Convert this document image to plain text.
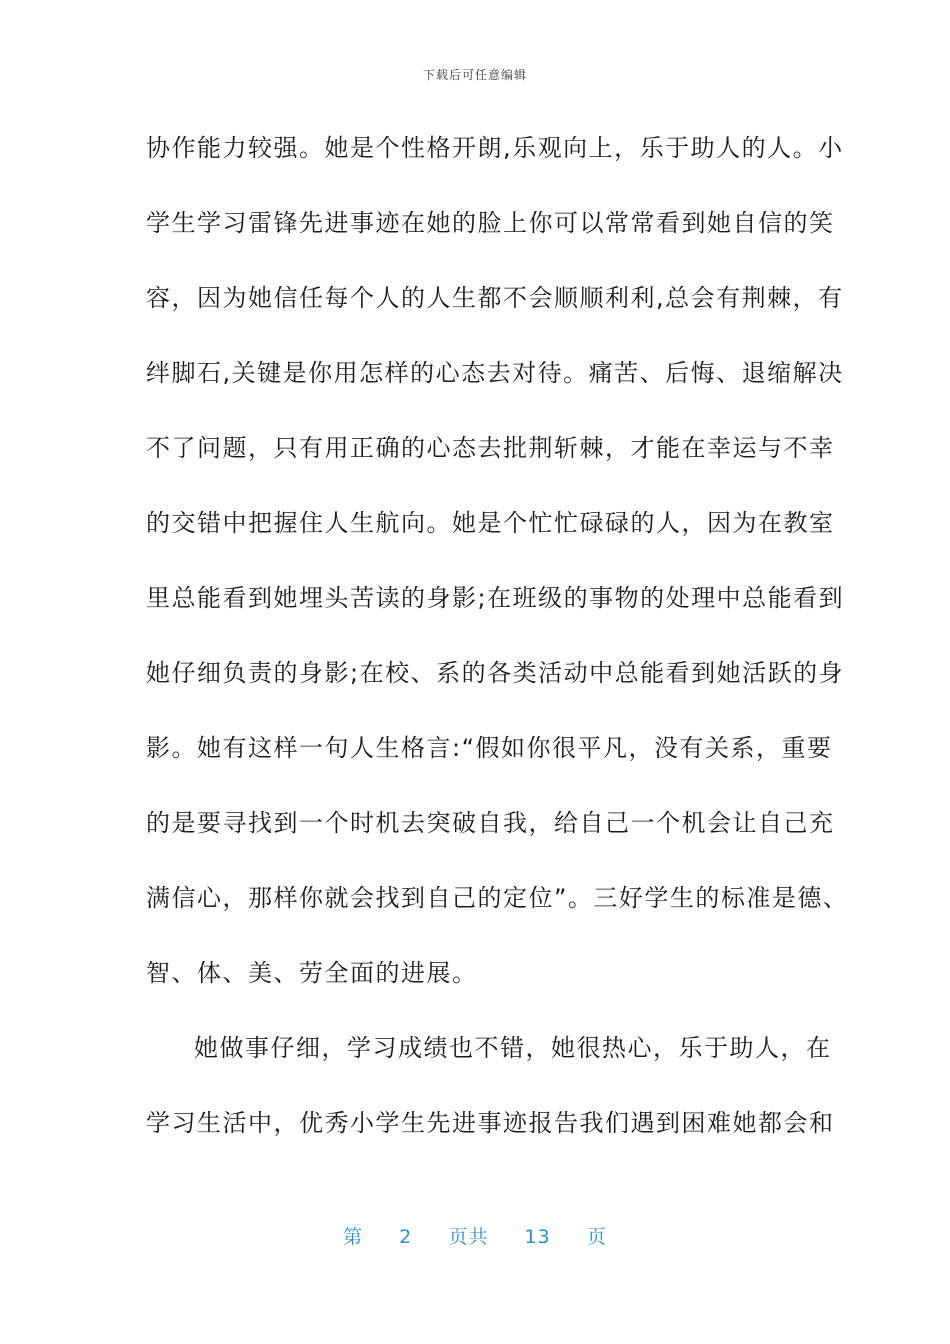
下载后可任意编辑
协作能力较强。她是个性格开朗,乐观向上，乐于助人的人。小
学生学习雷锋先进事迹在她的脸上你可以常常看到她自信的笑
容，因为她信任每个人的人生都不会顺顺利利,总会有荆棘，有
绊脚石,关键是你用怎样的心态去对待。痛苦、后悔、退缩解决
不了问题，只有用正确的心态去批荆斩棘，才能在幸运与不幸
的交错中把握住人生航向。她是个忙忙碌碌的人，因为在教室
里总能看到她埋头苦读的身影;在班级的事物的处理中总能看到
她仔细负责的身影;在校、系的各类活动中总能看到她活跃的身
影。她有这样一句人生格言:“假如你很平凡，没有关系，重要
的是要寻找到一个时机去突破自我，给自己一个机会让自己充
满信心，那样你就会找到自己的定位”。三好学生的标准是德、
智、体、美、劳全面的进展。
她做事仔细，学习成绩也不错，她很热心，乐于助人，在
学习生活中，优秀小学生先进事迹报告我们遇到困难她都会和
第 2 页共 13 页
